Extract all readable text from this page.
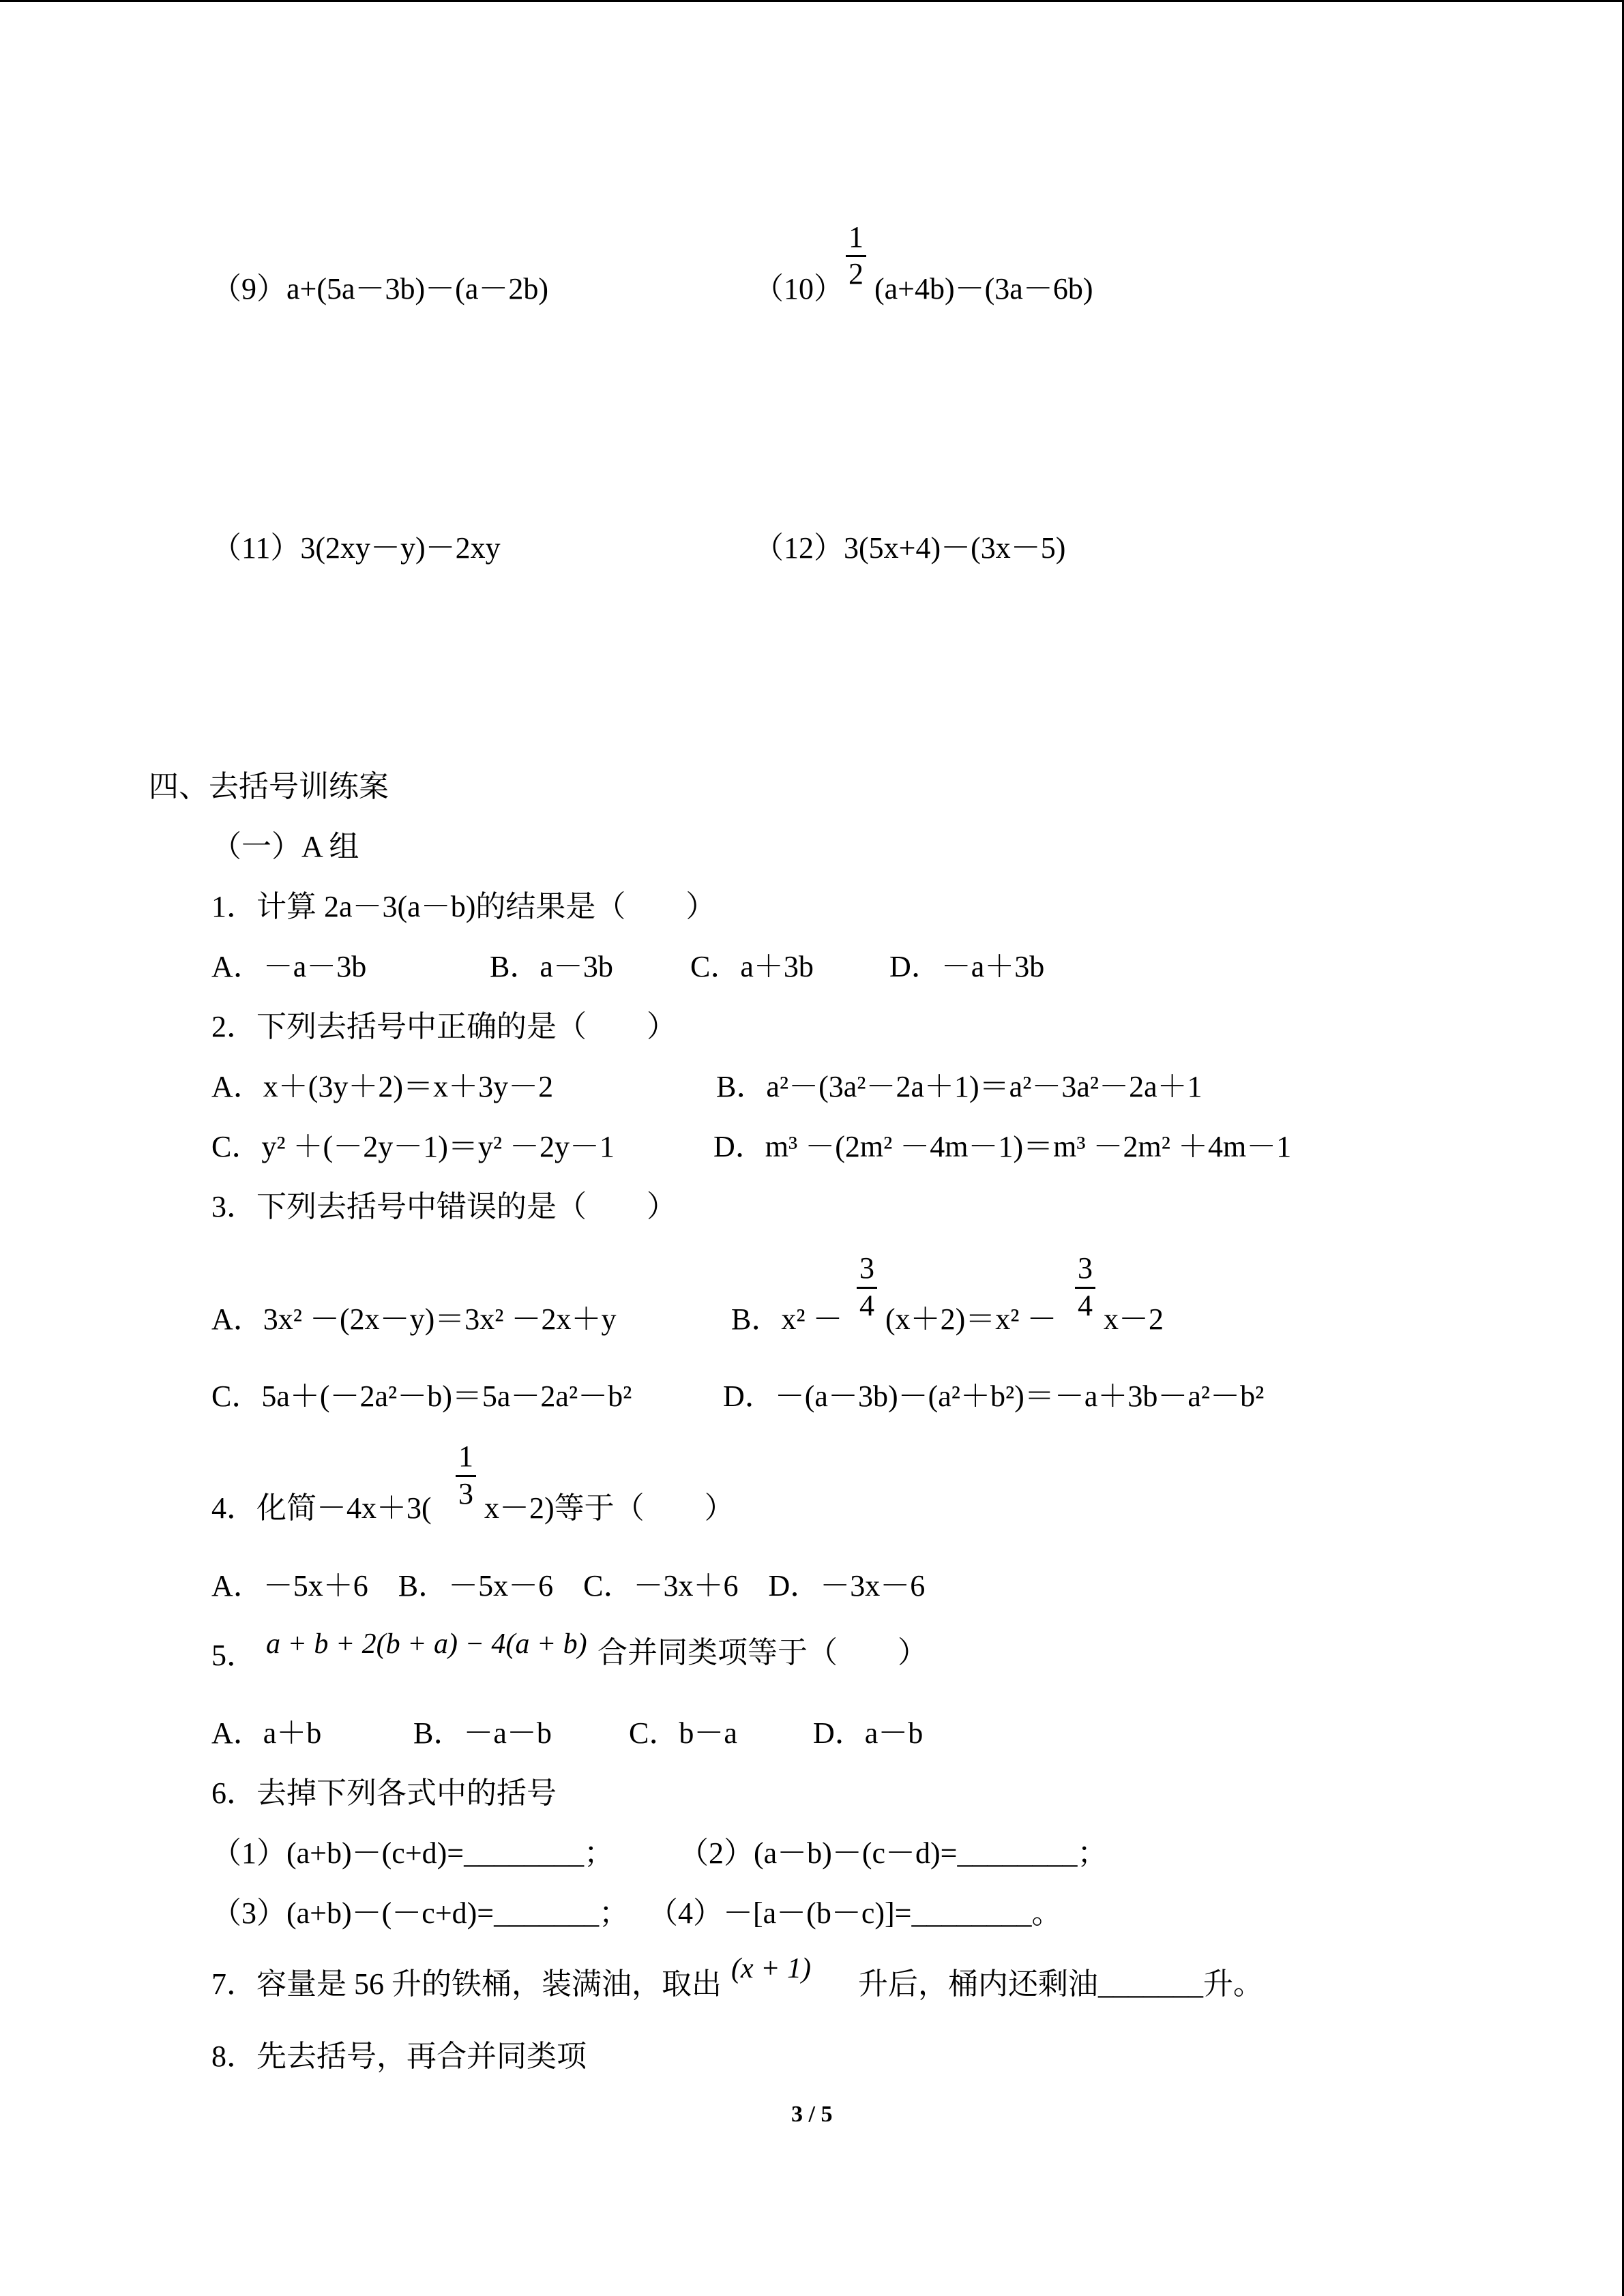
（9）a+(5a－3b)－(a－2b)	（10）
1
2 (a+4b)－(3a－6b)
（11）3(2xy－y)－2xy	（12）3(5x+4)－(3x－5)
四、去括号训练案
（一）A 组
1．计算 2a－3(a－b)的结果是（　　）
A．－a－3b	B．a－3b	C．a＋3b	D．－a＋3b
2．下列去括号中正确的是（　　）
A．x＋(3y＋2)＝x＋3y－2	B．a²－(3a²－2a＋1)＝a²－3a²－2a＋1
C．y² ＋(－2y－1)＝y² －2y－1	D．m³ －(2m² －4m－1)＝m³ －2m² ＋4m－1
3．下列去括号中错误的是（　　）
A．3x² －(2x－y)＝3x² －2x＋y	B．x² －
3
4 (x＋2)＝x² －
3
4 x－2
C．5a＋(－2a²－b)＝5a－2a²－b²	D．－(a－3b)－(a²＋b²)＝－a＋3b－a²－b²
4．化简－4x＋3(
1
3 x－2)等于（　　）
A．－5x＋6　B．－5x－6　C．－3x＋6　D．－3x－6
5． a + b + 2(b + a) − 4(a + b) 合并同类项等于（　　）
A．a＋b	B．－a－b	C．b－a	D．a－b
6．去掉下列各式中的括号
（1）(a+b)－(c+d)=________； （2）(a－b)－(c－d)=________；
（3）(a+b)－(－c+d)=_______； （4）－[a－(b－c)]=________。
7．容量是 56 升的铁桶，装满油，取出 (x + 1) 升后，桶内还剩油_______升。
8．先去括号，再合并同类项
3 / 5
